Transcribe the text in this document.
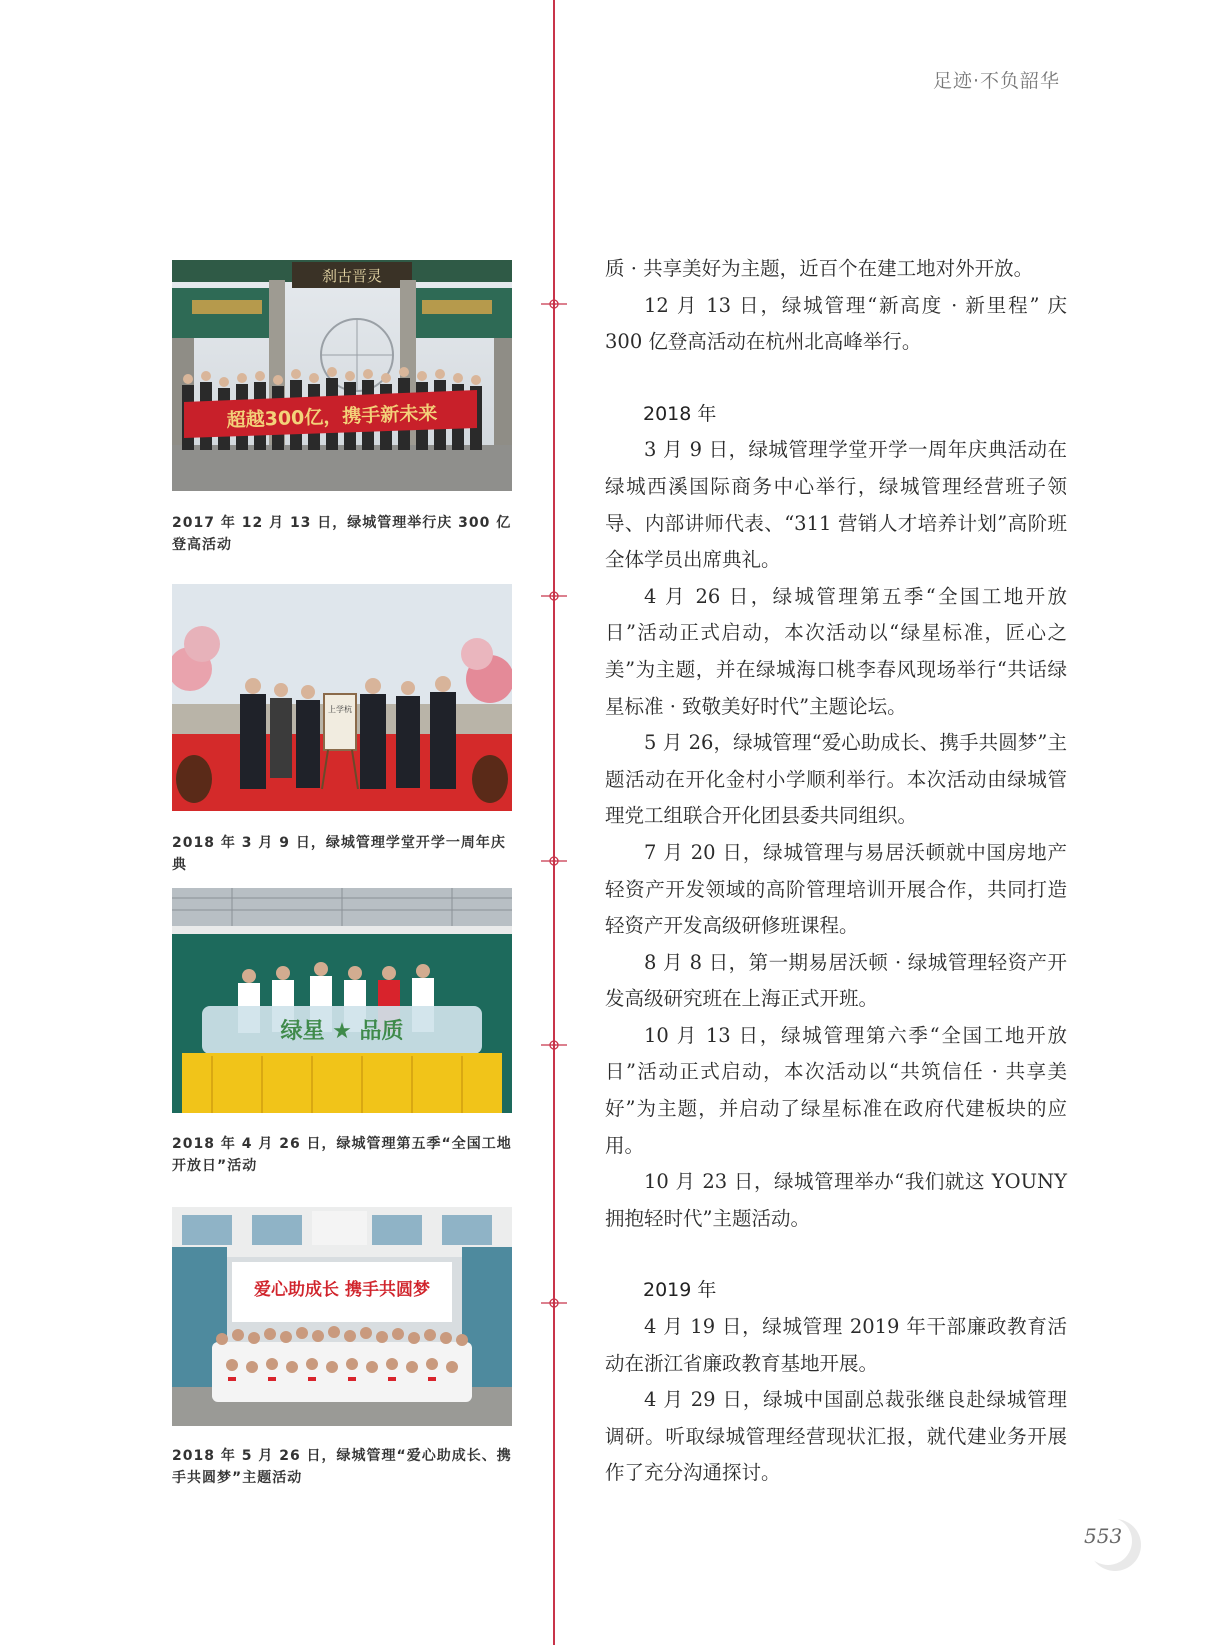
足迹·不负韶华
刹古晋灵
超越300亿，携手新未来
2017 年 12 月 13 日，绿城管理举行庆 300 亿登高活动
上学杭
2018 年 3 月 9 日，绿城管理学堂开学一周年庆典
绿星 ★ 品质
2018 年 4 月 26 日，绿城管理第五季“全国工地开放日”活动
爱心助成长 携手共圆梦
2018 年 5 月 26 日，绿城管理“爱心助成长、携手共圆梦”主题活动

质 · 共享美好为主题，近百个在建工地对外开放。

12 月 13 日，绿城管理“新高度 · 新里程” 庆 300 亿登高活动在杭州北高峰举行。

2018 年

3 月 9 日，绿城管理学堂开学一周年庆典活动在绿城西溪国际商务中心举行，绿城管理经营班子领导、内部讲师代表、“311 营销人才培养计划”高阶班全体学员出席典礼。

4 月 26 日，绿城管理第五季“全国工地开放日”活动正式启动，本次活动以“绿星标准，匠心之美”为主题，并在绿城海口桃李春风现场举行“共话绿星标准 · 致敬美好时代”主题论坛。

5 月 26，绿城管理“爱心助成长、携手共圆梦”主题活动在开化金村小学顺利举行。本次活动由绿城管理党工组联合开化团县委共同组织。

7 月 20 日，绿城管理与易居沃顿就中国房地产轻资产开发领域的高阶管理培训开展合作，共同打造轻资产开发高级研修班课程。

8 月 8 日，第一期易居沃顿 · 绿城管理轻资产开发高级研究班在上海正式开班。

10 月 13 日，绿城管理第六季“全国工地开放日”活动正式启动，本次活动以“共筑信任 · 共享美好”为主题，并启动了绿星标准在政府代建板块的应用。

10 月 23 日，绿城管理举办“我们就这 YOUNY 拥抱轻时代”主题活动。

2019 年

4 月 19 日，绿城管理 2019 年干部廉政教育活动在浙江省廉政教育基地开展。

4 月 29 日，绿城中国副总裁张继良赴绿城管理调研。听取绿城管理经营现状汇报，就代建业务开展作了充分沟通探讨。

553
